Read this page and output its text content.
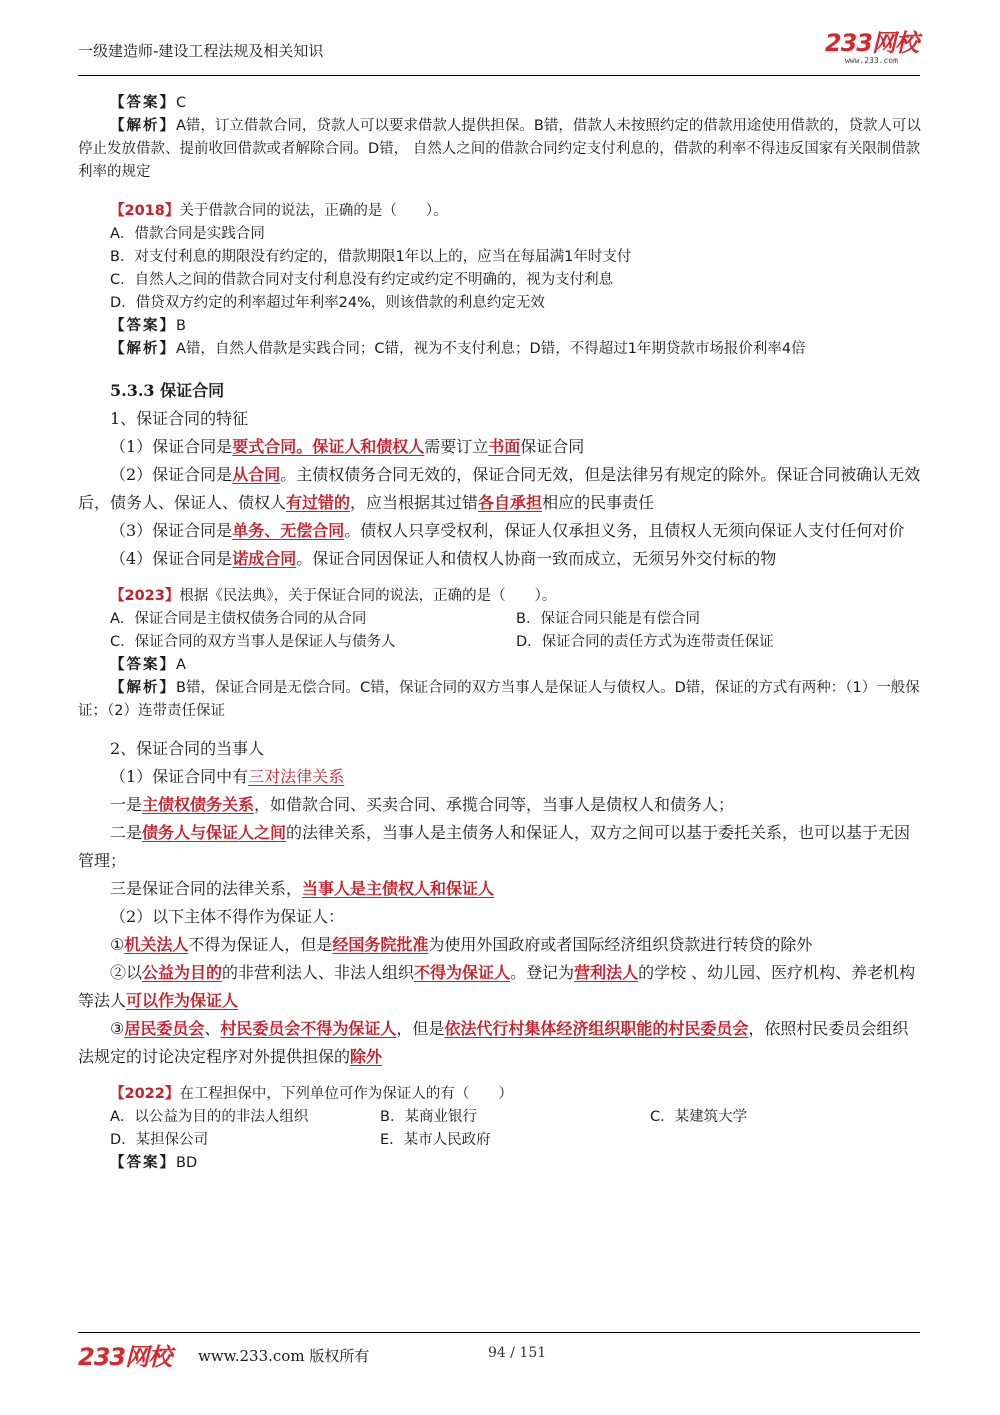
一级建造师-建设工程法规及相关知识	233网校
www.233.com
【答案】C
【解析】A错，订立借款合同，贷款人可以要求借款人提供担保。B错，借款人未按照约定的借款用途使用借款的，贷款人可以停止发放借款、提前收回借款或者解除合同。D错， 自然人之间的借款合同约定支付利息的，借款的利率不得违反国家有关限制借款利率的规定
【2018】关于借款合同的说法，正确的是（　　）。
A．借款合同是实践合同
B．对支付利息的期限没有约定的，借款期限1年以上的，应当在每届满1年时支付
C．自然人之间的借款合同对支付利息没有约定或约定不明确的，视为支付利息
D．借贷双方约定的利率超过年利率24%，则该借款的利息约定无效
【答案】B
【解析】A错，自然人借款是实践合同；C错，视为不支付利息；D错，不得超过1年期贷款市场报价利率4倍
5.3.3 保证合同
1、保证合同的特征
（1）保证合同是要式合同。保证人和债权人需要订立书面保证合同
（2）保证合同是从合同。主债权债务合同无效的，保证合同无效，但是法律另有规定的除外。保证合同被确认无效后，债务人、保证人、债权人有过错的，应当根据其过错各自承担相应的民事责任
（3）保证合同是单务、无偿合同。债权人只享受权利，保证人仅承担义务，且债权人无须向保证人支付任何对价
（4）保证合同是诺成合同。保证合同因保证人和债权人协商一致而成立，无须另外交付标的物
【2023】根据《民法典》，关于保证合同的说法，正确的是（　　）。
A．保证合同是主债权债务合同的从合同	B．保证合同只能是有偿合同
C．保证合同的双方当事人是保证人与债务人	D．保证合同的责任方式为连带责任保证
【答案】A
【解析】B错，保证合同是无偿合同。C错，保证合同的双方当事人是保证人与债权人。D错，保证的方式有两种：（1）一般保证；（2）连带责任保证
2、保证合同的当事人
（1）保证合同中有三对法律关系
一是主债权债务关系，如借款合同、买卖合同、承揽合同等，当事人是债权人和债务人；
二是债务人与保证人之间的法律关系，当事人是主债务人和保证人，双方之间可以基于委托关系，也可以基于无因管理；
三是保证合同的法律关系，当事人是主债权人和保证人
（2）以下主体不得作为保证人：
①机关法人不得为保证人，但是经国务院批准为使用外国政府或者国际经济组织贷款进行转贷的除外
②以公益为目的的非营利法人、非法人组织不得为保证人。登记为营利法人的学校 、幼儿园、医疗机构、养老机构等法人可以作为保证人
③居民委员会、村民委员会不得为保证人，但是依法代行村集体经济组织职能的村民委员会，依照村民委员会组织法规定的讨论决定程序对外提供担保的除外
【2022】在工程担保中，下列单位可作为保证人的有（　　）
A．以公益为目的的非法人组织	B．某商业银行	C．某建筑大学
D．某担保公司	E．某市人民政府
【答案】BD
233网校 www.233.com 版权所有	94 / 151
